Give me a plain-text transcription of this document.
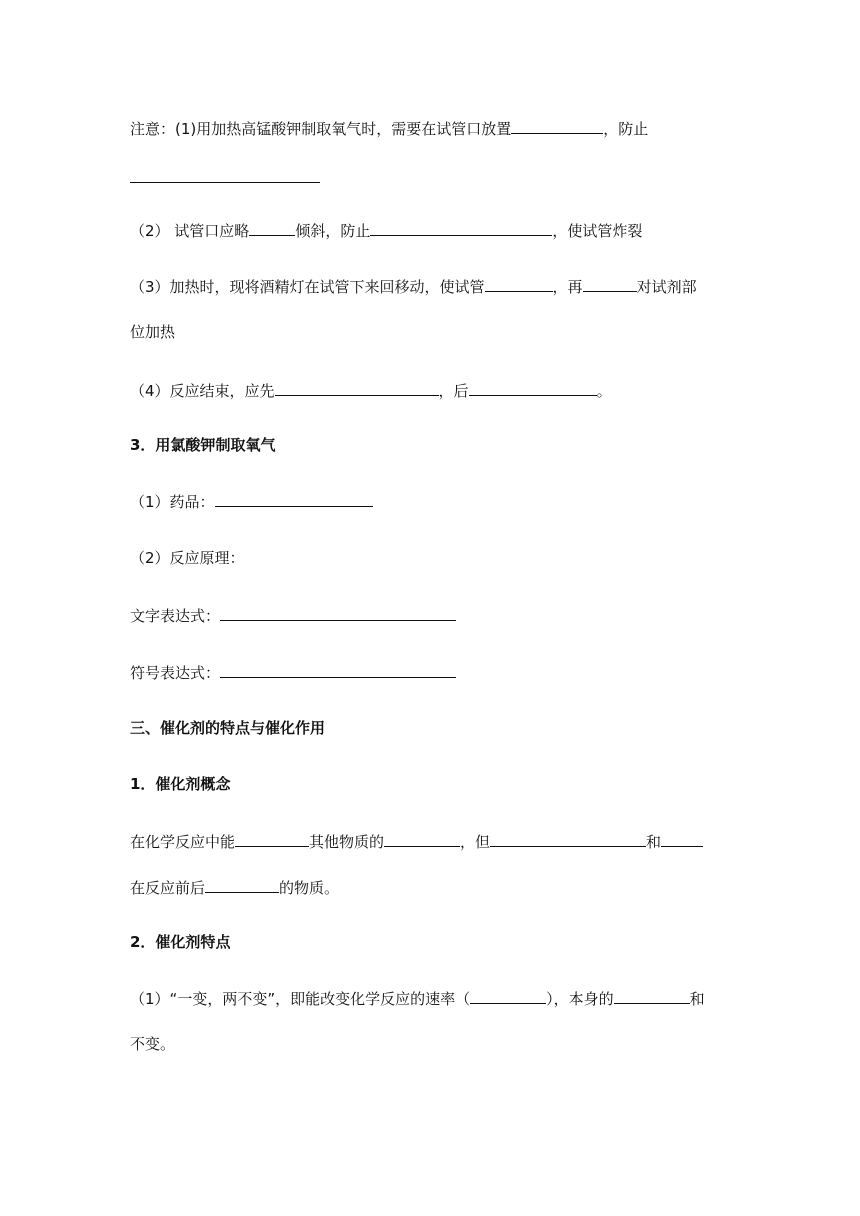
注意：(1)用加热高锰酸钾制取氧气时，需要在试管口放置	，防止
（2） 试管口应略	倾斜，防止	，使试管炸裂
（3）加热时，现将酒精灯在试管下来回移动，使试管	，再	对试剂部
位加热
（4）反应结束，应先	，后	。
3．用氯酸钾制取氧气
（1）药品：
（2）反应原理：
文字表达式：
符号表达式：
三、催化剂的特点与催化作用
1．催化剂概念
在化学反应中能	其他物质的	，但	和
在反应前后	的物质。
2．催化剂特点
（1）“一变，两不变”，即能改变化学反应的速率（	），本身的	和
不变。
